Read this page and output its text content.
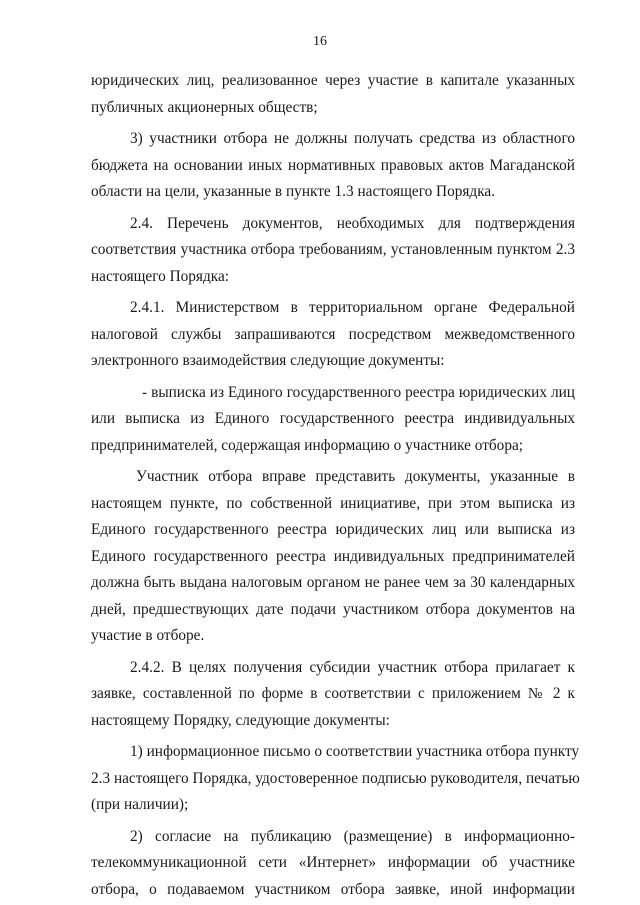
16
юридических лиц, реализованное через участие в капитале указанных
публичных акционерных обществ;
3) участники отбора не должны получать средства из областного
бюджета на основании иных нормативных правовых актов Магаданской
области на цели, указанные в пункте 1.3 настоящего Порядка.
2.4. Перечень документов, необходимых для подтверждения
соответствия участника отбора требованиям, установленным пунктом 2.3
настоящего Порядка:
2.4.1. Министерством в территориальном органе Федеральной
налоговой службы запрашиваются посредством межведомственного
электронного взаимодействия следующие документы:
- выписка из Единого государственного реестра юридических лиц
или выписка из Единого государственного реестра индивидуальных
предпринимателей, содержащая информацию о участнике отбора;
Участник отбора вправе представить документы, указанные в
настоящем пункте, по собственной инициативе, при этом выписка из
Единого государственного реестра юридических лиц или выписка из
Единого государственного реестра индивидуальных предпринимателей
должна быть выдана налоговым органом не ранее чем за 30 календарных
дней, предшествующих дате подачи участником отбора документов на
участие в отборе.
2.4.2. В целях получения субсидии участник отбора прилагает к
заявке, составленной по форме в соответствии с приложением № 2 к
настоящему Порядку, следующие документы:
1) информационное письмо о соответствии участника отбора пункту
2.3 настоящего Порядка, удостоверенное подписью руководителя, печатью
(при наличии);
2) согласие на публикацию (размещение) в информационно-
телекоммуникационной сети «Интернет» информации об участнике
отбора, о подаваемом участником отбора заявке, иной информации
